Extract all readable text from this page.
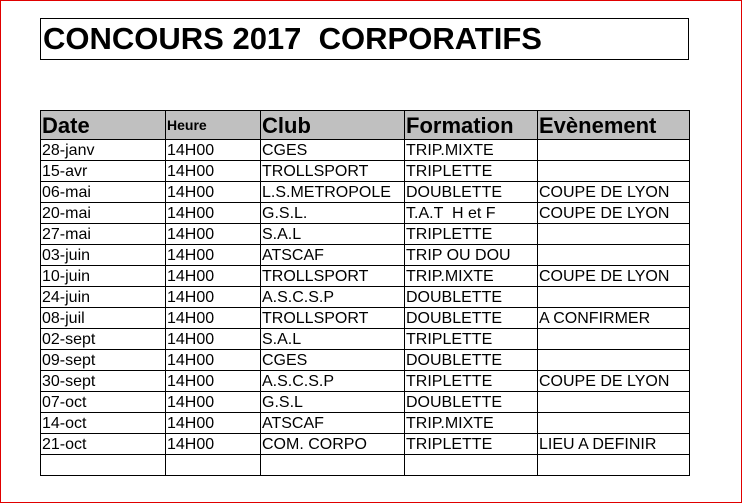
CONCOURS 2017  CORPORATIFS
Date	Heure	Club	Formation	Evènement
28-janv	14H00	CGES	TRIP.MIXTE	
15-avr	14H00	TROLLSPORT	TRIPLETTE	
06-mai	14H00	L.S.METROPOLE	DOUBLETTE	COUPE DE LYON
20-mai	14H00	G.S.L.	T.A.T  H et F	COUPE DE LYON
27-mai	14H00	S.A.L	TRIPLETTE	
03-juin	14H00	ATSCAF	TRIP OU DOU	
10-juin	14H00	TROLLSPORT	TRIP.MIXTE	COUPE DE LYON
24-juin	14H00	A.S.C.S.P	DOUBLETTE	
08-juil	14H00	TROLLSPORT	DOUBLETTE	A CONFIRMER
02-sept	14H00	S.A.L	TRIPLETTE	
09-sept	14H00	CGES	DOUBLETTE	
30-sept	14H00	A.S.C.S.P	TRIPLETTE	COUPE DE LYON
07-oct	14H00	G.S.L	DOUBLETTE	
14-oct	14H00	ATSCAF	TRIP.MIXTE	
21-oct	14H00	COM. CORPO	TRIPLETTE	LIEU A DEFINIR
